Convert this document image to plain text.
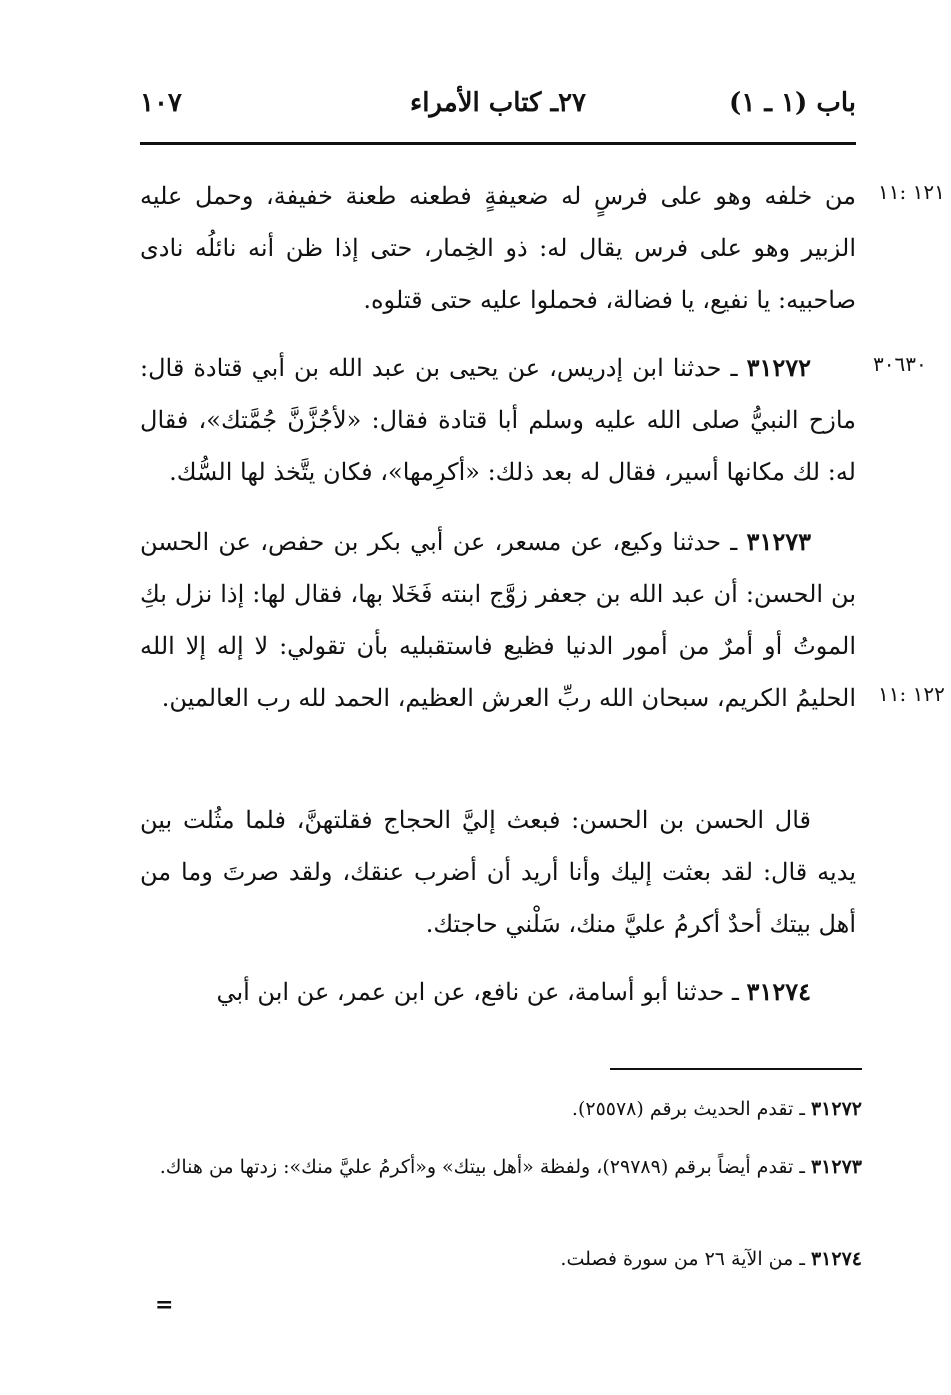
باب (١ ـ ١)
٢٧ـ كتاب الأمراء
١٠٧
١٢١ :١١
٣٠٦٣٠
١٢٢ :١١

من خلفه وهو على فرسٍ له ضعيفةٍ فطعنه طعنة خفيفة، وحمل عليه الزبير وهو على فرس يقال له: ذو الخِمار، حتى إذا ظن أنه نائلُه نادى صاحبيه: يا نفيع، يا فضالة، فحملوا عليه حتى قتلوه.

٣١٢٧٢ ـ حدثنا ابن إدريس، عن يحيى بن عبد الله بن أبي قتادة قال: مازح النبيُّ صلى الله عليه وسلم أبا قتادة فقال: «لأجُزَّنَّ جُمَّتك»، فقال له: لك مكانها أسير، فقال له بعد ذلك: «أكرِمها»، فكان يتَّخذ لها السُّك.

٣١٢٧٣ ـ حدثنا وكيع، عن مسعر، عن أبي بكر بن حفص، عن الحسن بن الحسن: أن عبد الله بن جعفر زوَّج ابنته فَخَلا بها، فقال لها: إذا نزل بكِ الموتُ أو أمرٌ من أمور الدنيا فظيع فاستقبليه بأن تقولي: لا إله إلا الله الحليمُ الكريم، سبحان الله ربِّ العرش العظيم، الحمد لله رب العالمين.

قال الحسن بن الحسن: فبعث إليَّ الحجاج فقلتهنَّ، فلما مثُلت بين يديه قال: لقد بعثت إليك وأنا أريد أن أضرب عنقك، ولقد صرتَ وما من أهل بيتك أحدٌ أكرمُ عليَّ منك، سَلْني حاجتك.

٣١٢٧٤ ـ حدثنا أبو أسامة، عن نافع، عن ابن عمر، عن ابن أبي

٣١٢٧٢ ـ تقدم الحديث برقم (٢٥٥٧٨).

٣١٢٧٣ ـ تقدم أيضاً برقم (٢٩٧٨٩)، ولفظة «أهل بيتك» و«أكرمُ عليَّ منك»: زدتها من هناك.

٣١٢٧٤ ـ من الآية ٢٦ من سورة فصلت.

=
